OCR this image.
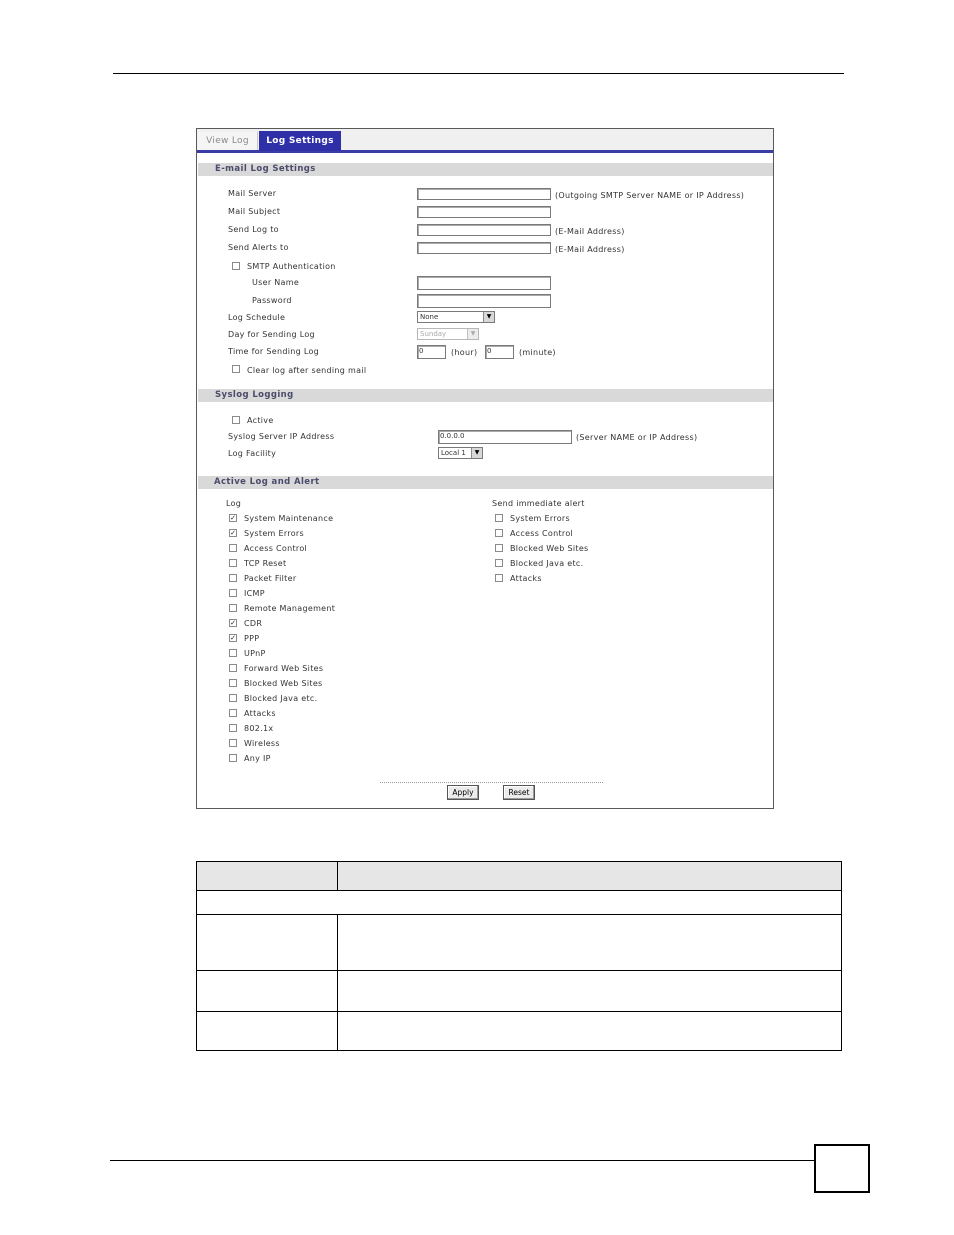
View Log	Log Settings
E-mail Log Settings
Mail Server	(Outgoing SMTP Server NAME or IP Address)
Mail Subject
Send Log to	(E-Mail Address)
Send Alerts to	(E-Mail Address)
SMTP Authentication
User Name
Password
Log Schedule	None	▼
Day for Sending Log	Sunday	▼
Time for Sending Log	0	(hour) 0	(minute)
Clear log after sending mail
Syslog Logging
Active
Syslog Server IP Address	0.0.0.0	(Server NAME or IP Address)
Log Facility	Local 1	▼
Active Log and Alert
Log	Send immediate alert
✓ System Maintenance
✓ System Errors
Access Control
TCP Reset
Packet Filter
ICMP
Remote Management
✓ CDR
✓ PPP
UPnP
Forward Web Sites
Blocked Web Sites
Blocked Java etc.
Attacks
802.1x
Wireless
Any IP
System Errors
Access Control
Blocked Web Sites
Blocked Java etc.
Attacks
Apply	Reset
